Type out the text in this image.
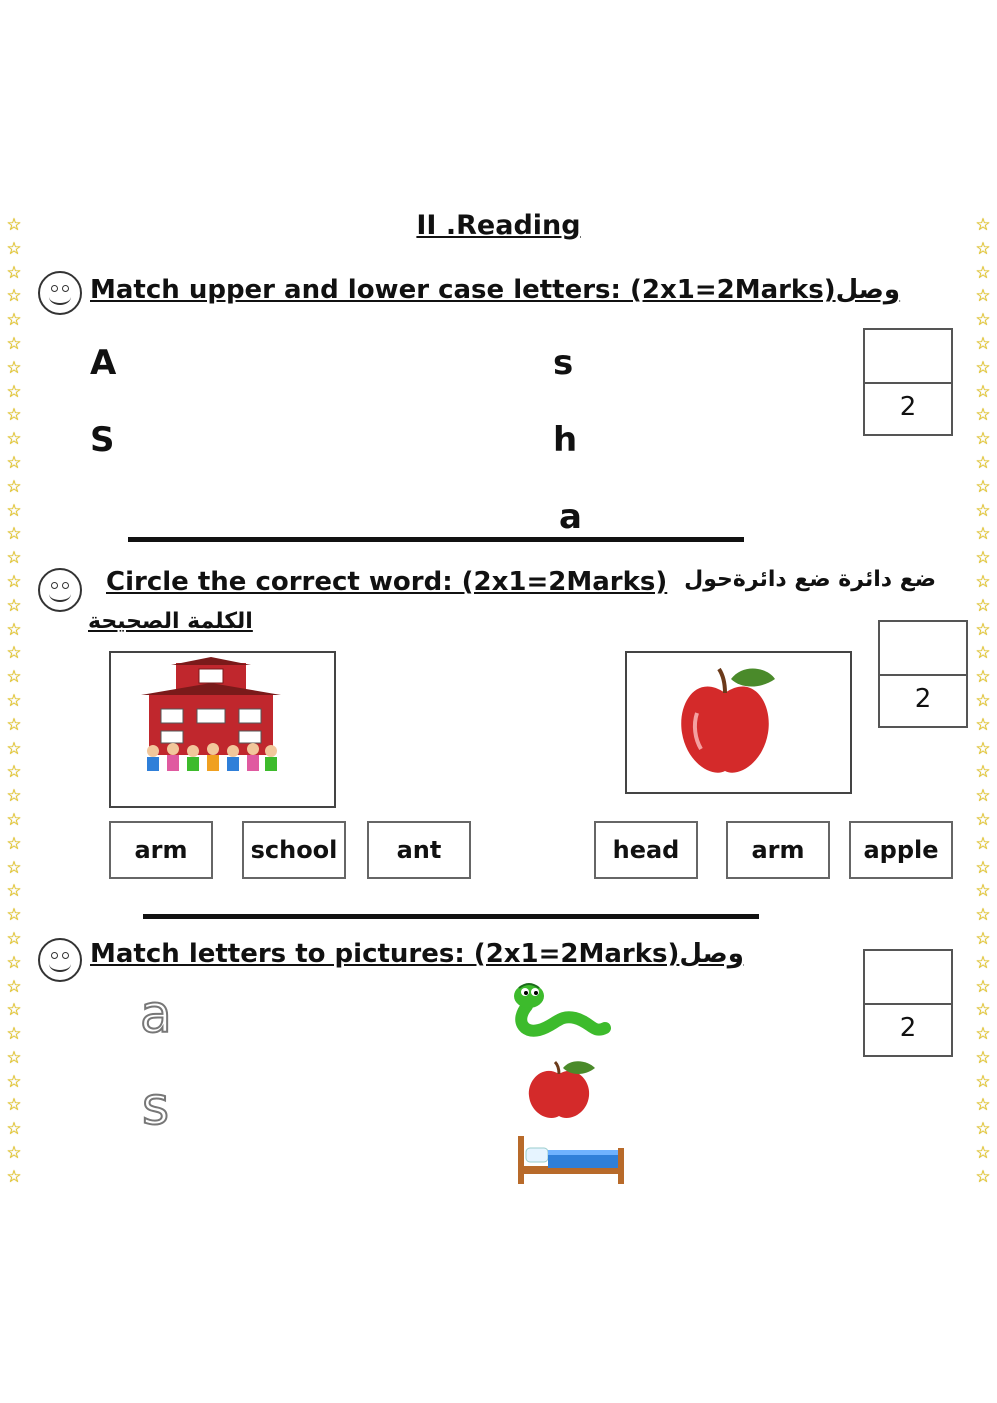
☆
☆
☆
☆
☆
☆
☆
☆
☆
☆
☆
☆
☆
☆
☆
☆
☆
☆
☆
☆
☆
☆
☆
☆
☆
☆
☆
☆
☆
☆
☆
☆
☆
☆
☆
☆
☆
☆
☆
☆
☆
☆
☆
☆
☆
☆
☆
☆
☆
☆
☆
☆
☆
☆
☆
☆
☆
☆
☆
☆
☆
☆
☆
☆
☆
☆
☆
☆
☆
☆
☆
☆
☆
☆
☆
☆
☆
☆
☆
☆
☆
☆
II .Reading
Match upper and lower case letters: (2x1=2Marks)وصل
A
S
s
h
a
2
Circle the correct word: (2x1=2Marks) ضع دائرة ضع دائرةحول
الكلمة الصحيحة
2
arm	school	ant	head	arm	apple
Match letters to pictures: (2x1=2Marks)وصل
2
a
s
